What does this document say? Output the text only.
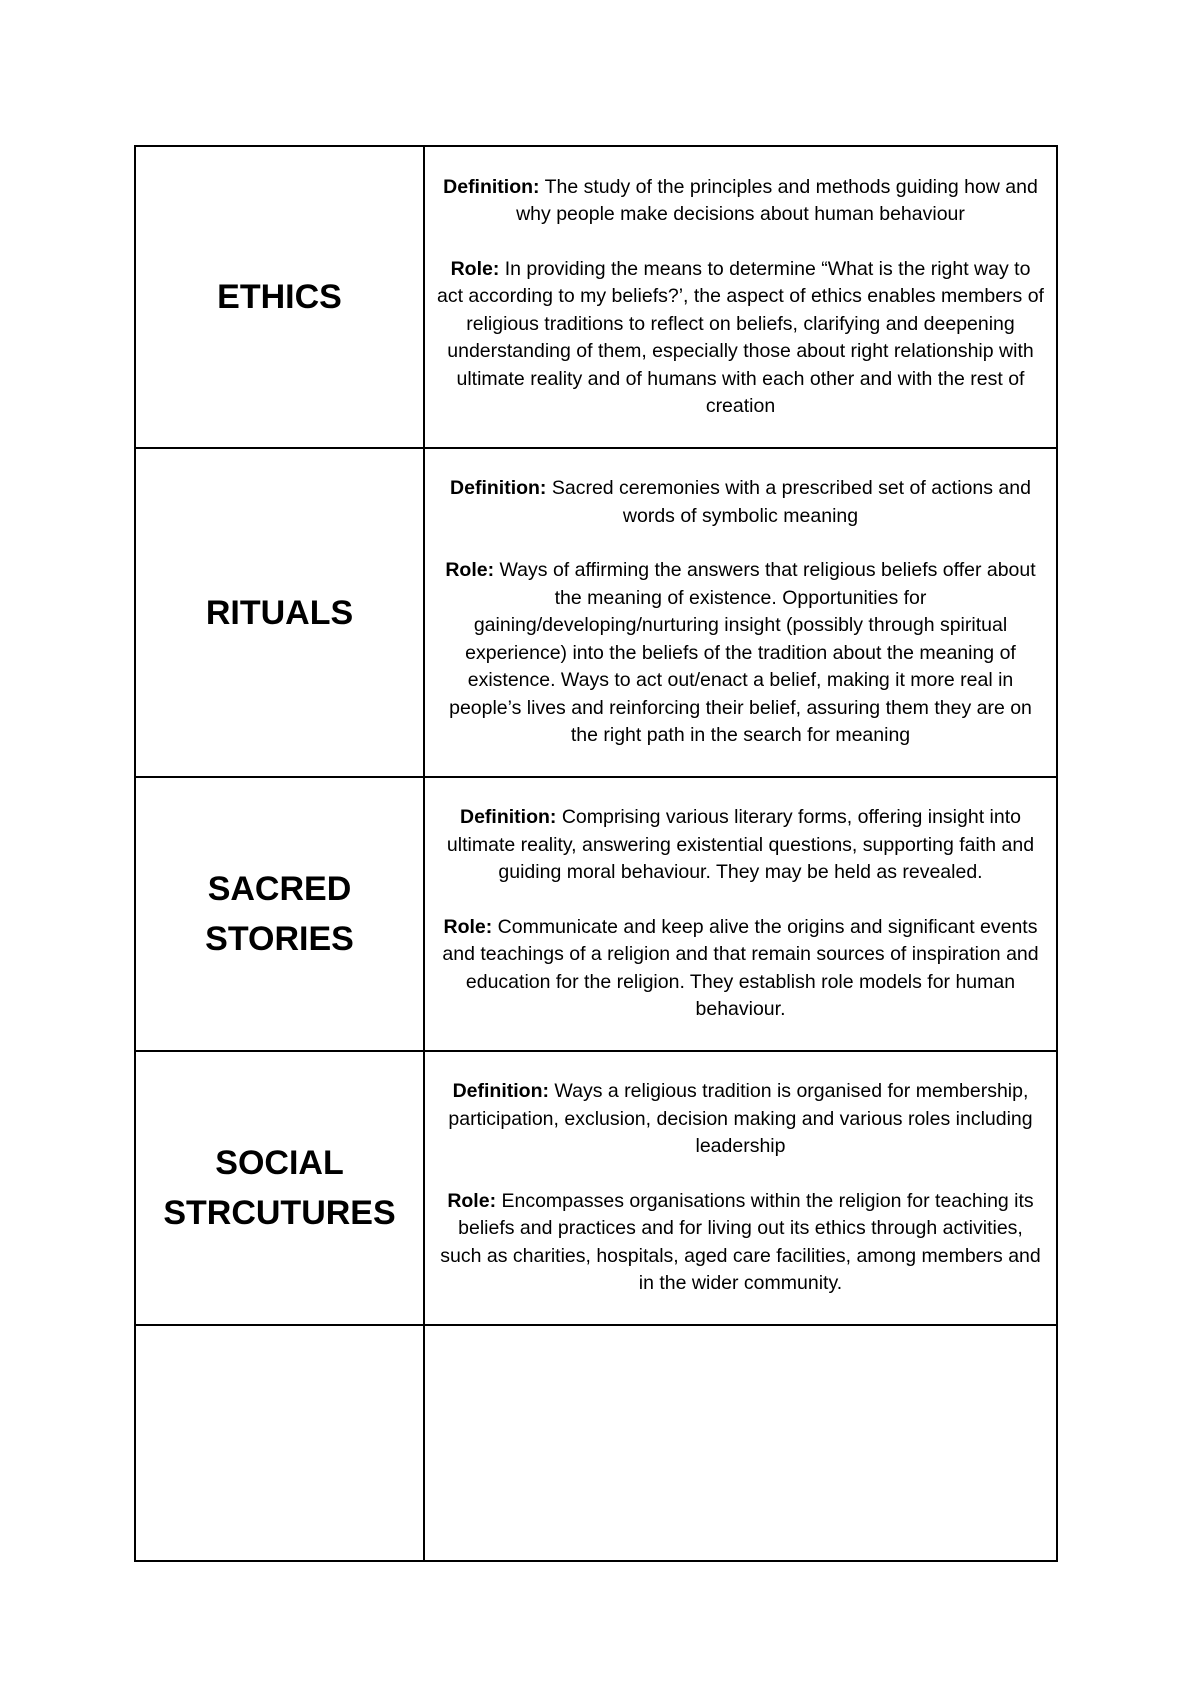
ETHICS	Definition: The study of the principles and methods guiding how and why people make decisions about human behaviour

Role: In providing the means to determine “What is the right way to act according to my beliefs?’, the aspect of ethics enables members of religious traditions to reflect on beliefs, clarifying and deepening understanding of them, especially those about right relationship with ultimate reality and of humans with each other and with the rest of creation

RITUALS	Definition: Sacred ceremonies with a prescribed set of actions and words of symbolic meaning

Role: Ways of affirming the answers that religious beliefs offer about the meaning of existence. Opportunities for gaining/developing/nurturing insight (possibly through spiritual experience) into the beliefs of the tradition about the meaning of existence. Ways to act out/enact a belief, making it more real in people’s lives and reinforcing their belief, assuring them they are on the right path in the search for meaning

SACRED STORIES	Definition: Comprising various literary forms, offering insight into ultimate reality, answering existential questions, supporting faith and guiding moral behaviour. They may be held as revealed.

Role: Communicate and keep alive the origins and significant events and teachings of a religion and that remain sources of inspiration and education for the religion. They establish role models for human behaviour.

SOCIAL STRCUTURES	Definition: Ways a religious tradition is organised for membership, participation, exclusion, decision making and various roles including leadership

Role: Encompasses organisations within the religion for teaching its beliefs and practices and for living out its ethics through activities, such as charities, hospitals, aged care facilities, among members and in the wider community.
